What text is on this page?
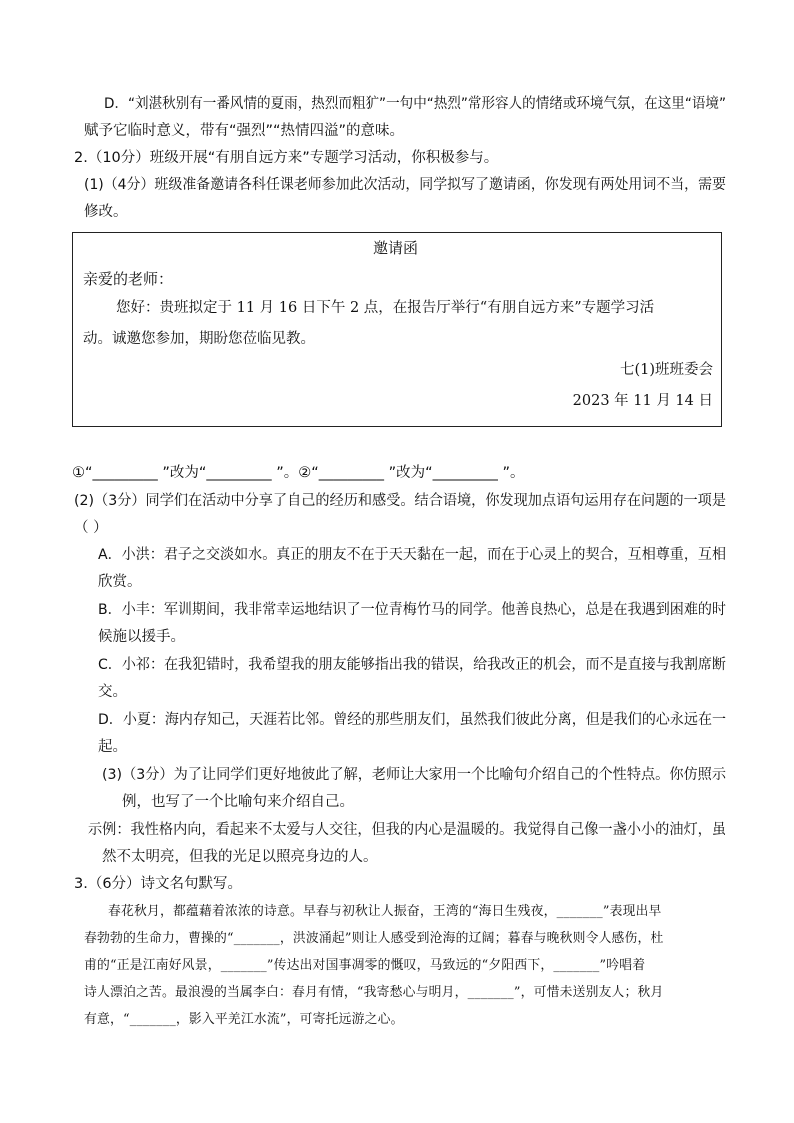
D．“刘湛秋别有一番风情的夏雨，热烈而粗犷”一句中“热烈”常形容人的情绪或环境气氛，在这里“语境”
赋予它临时意义，带有“强烈”“热情四溢”的意味。
2.（10分）班级开展“有朋自远方来”专题学习活动，你积极参与。
(1)（4分）班级准备邀请各科任课老师参加此次活动，同学拟写了邀请函，你发现有两处用词不当，需要
修改。
邀请函
亲爱的老师：
您好：贵班拟定于 11 月 16 日下午 2 点，在报告厅举行“有朋自远方来”专题学习活
动。诚邀您参加，期盼您莅临见教。
七(1)班班委会
2023 年 11 月 14 日
①“_________ ”改为“_________ ”。②“_________ ”改为“_________ ”。
(2)（3分）同学们在活动中分享了自己的经历和感受。结合语境，你发现加点语句运用存在问题的一项是
（ ）
A．小洪：君子之交淡如水。真正的朋友不在于天天黏在一起，而在于心灵上的契合，互相尊重，互相
欣赏。
B．小丰：军训期间，我非常幸运地结识了一位青梅竹马的同学。他善良热心，总是在我遇到困难的时
候施以援手。
C．小祁：在我犯错时，我希望我的朋友能够指出我的错误，给我改正的机会，而不是直接与我割席断
交。
D．小夏：海内存知己，天涯若比邻。曾经的那些朋友们，虽然我们彼此分离，但是我们的心永远在一
起。
(3)（3分）为了让同学们更好地彼此了解，老师让大家用一个比喻句介绍自己的个性特点。你仿照示
例，也写了一个比喻句来介绍自己。
示例：我性格内向，看起来不太爱与人交往，但我的内心是温暖的。我觉得自己像一盏小小的油灯，虽
然不太明亮，但我的光足以照亮身边的人。
3.（6分）诗文名句默写。
春花秋月，都蕴藉着浓浓的诗意。早春与初秋让人振奋，王湾的“海日生残夜，_______”表现出早
春勃勃的生命力，曹操的“_______，洪波涌起”则让人感受到沧海的辽阔；暮春与晚秋则令人感伤，杜
甫的“正是江南好风景，_______”传达出对国事凋零的慨叹，马致远的“夕阳西下，_______”吟唱着
诗人漂泊之苦。最浪漫的当属李白：春月有情，“我寄愁心与明月，_______”，可惜未送别友人；秋月
有意，“_______，影入平羌江水流”，可寄托远游之心。
